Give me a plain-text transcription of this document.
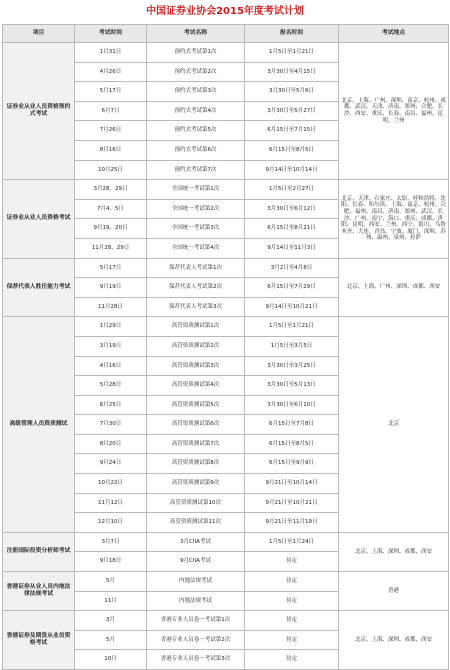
中国证券业协会2015年度考试计划
项目	考试时间	考试名称	报名时间	考试地点
证券业从业人员资格预约式考试	1月31日	预约式考试第1次	1月5日至1月21日	北京、上海、广州、深圳、南京、杭州、成都、武汉、天津、济南、郑州、合肥、长沙、西安、重庆、长春、南昌、福州、昆明、兰州
	4月26日	预约式考试第2次	3月30日至4月15日	
	5月17日	预约式考试第3次	3月30日至5月6日	
	6月7日	预约式考试第4次	3月30日至5月27日	
	7月26日	预约式考试第5次	6月15日至7月15日	
	8月16日	预约式考试第6次	6月15日至8月5日	
	10月25日	预约式考试第7次	9月14日至10月14日	
证券业从业人员资格考试	3月28、29日	全国统一考试第1次	1月5日至2月27日	北京、天津、石家庄、太原、呼和浩特、沈阳、长春、哈尔滨、上海、南京、杭州、合肥、福州、南昌、济南、郑州、武汉、长沙、广州、南宁、海口、重庆、成都、贵阳、昆明、西安、兰州、西宁、银川、乌鲁木齐、大连、青岛、宁波、厦门、深圳、苏州、温州、泉州、拉萨
	7月4、5日	全国统一考试第2次	3月30日至6月12日	
	9月19、20日	全国统一考试第3次	6月15日至8月21日	
	11月28、29日	全国统一考试第4次	9月14日至11月3日	
保荐代表人胜任能力考试	5月17日	保荐代表人考试第1次	3月2日至4月8日	北京、上海、广州、深圳、成都、西安
	9月19日	保荐代表人考试第2次	6月15日至7月29日	
	11月28日	保荐代表人考试第3次	9月14日至10月21日	
高级管理人员资质测试	1月29日	高管资质测试第1次	1月5日至1月21日	北京
	3月19日	高管资质测试第2次	1月5日至3月5日	
	4月16日	高管资质测试第3次	3月30日至3月25日	
	5月28日	高管资质测试第4次	3月30日至5月13日	
	6月25日	高管资质测试第5次	3月30日至6月10日	
	7月30日	高管资质测试第6次	6月15日至7月8日	
	8月20日	高管资质测试第7次	6月15日至8月5日	
	9月24日	高管资质测试第8次	6月15日至9月9日	
	10月22日	高管资质测试第9次	9月21日至10月14日	
	11月12日	高管资质测试第10次	9月21日至10月21日	
	12月10日	高管资质测试第11次	9月21日至11月19日	
注册国际投资分析师考试	3月7日	3月CIIA考试	1月5日至1月24日	北京、上海、深圳、成都、西安
	9月18日	9月CIIA考试	待定	
香港证券从业人员内地法律法规考试	5月	内地法规考试	待定	香港
	11月	内地法规考试	待定	
香港证券及期货从业员资格考试	3月	香港专业人员卷一考试第1次	待定	北京、上海、深圳、成都、西安
	5月	香港专业人员卷一考试第2次	待定	
	10月	香港专业人员卷一考试第3次	待定	
